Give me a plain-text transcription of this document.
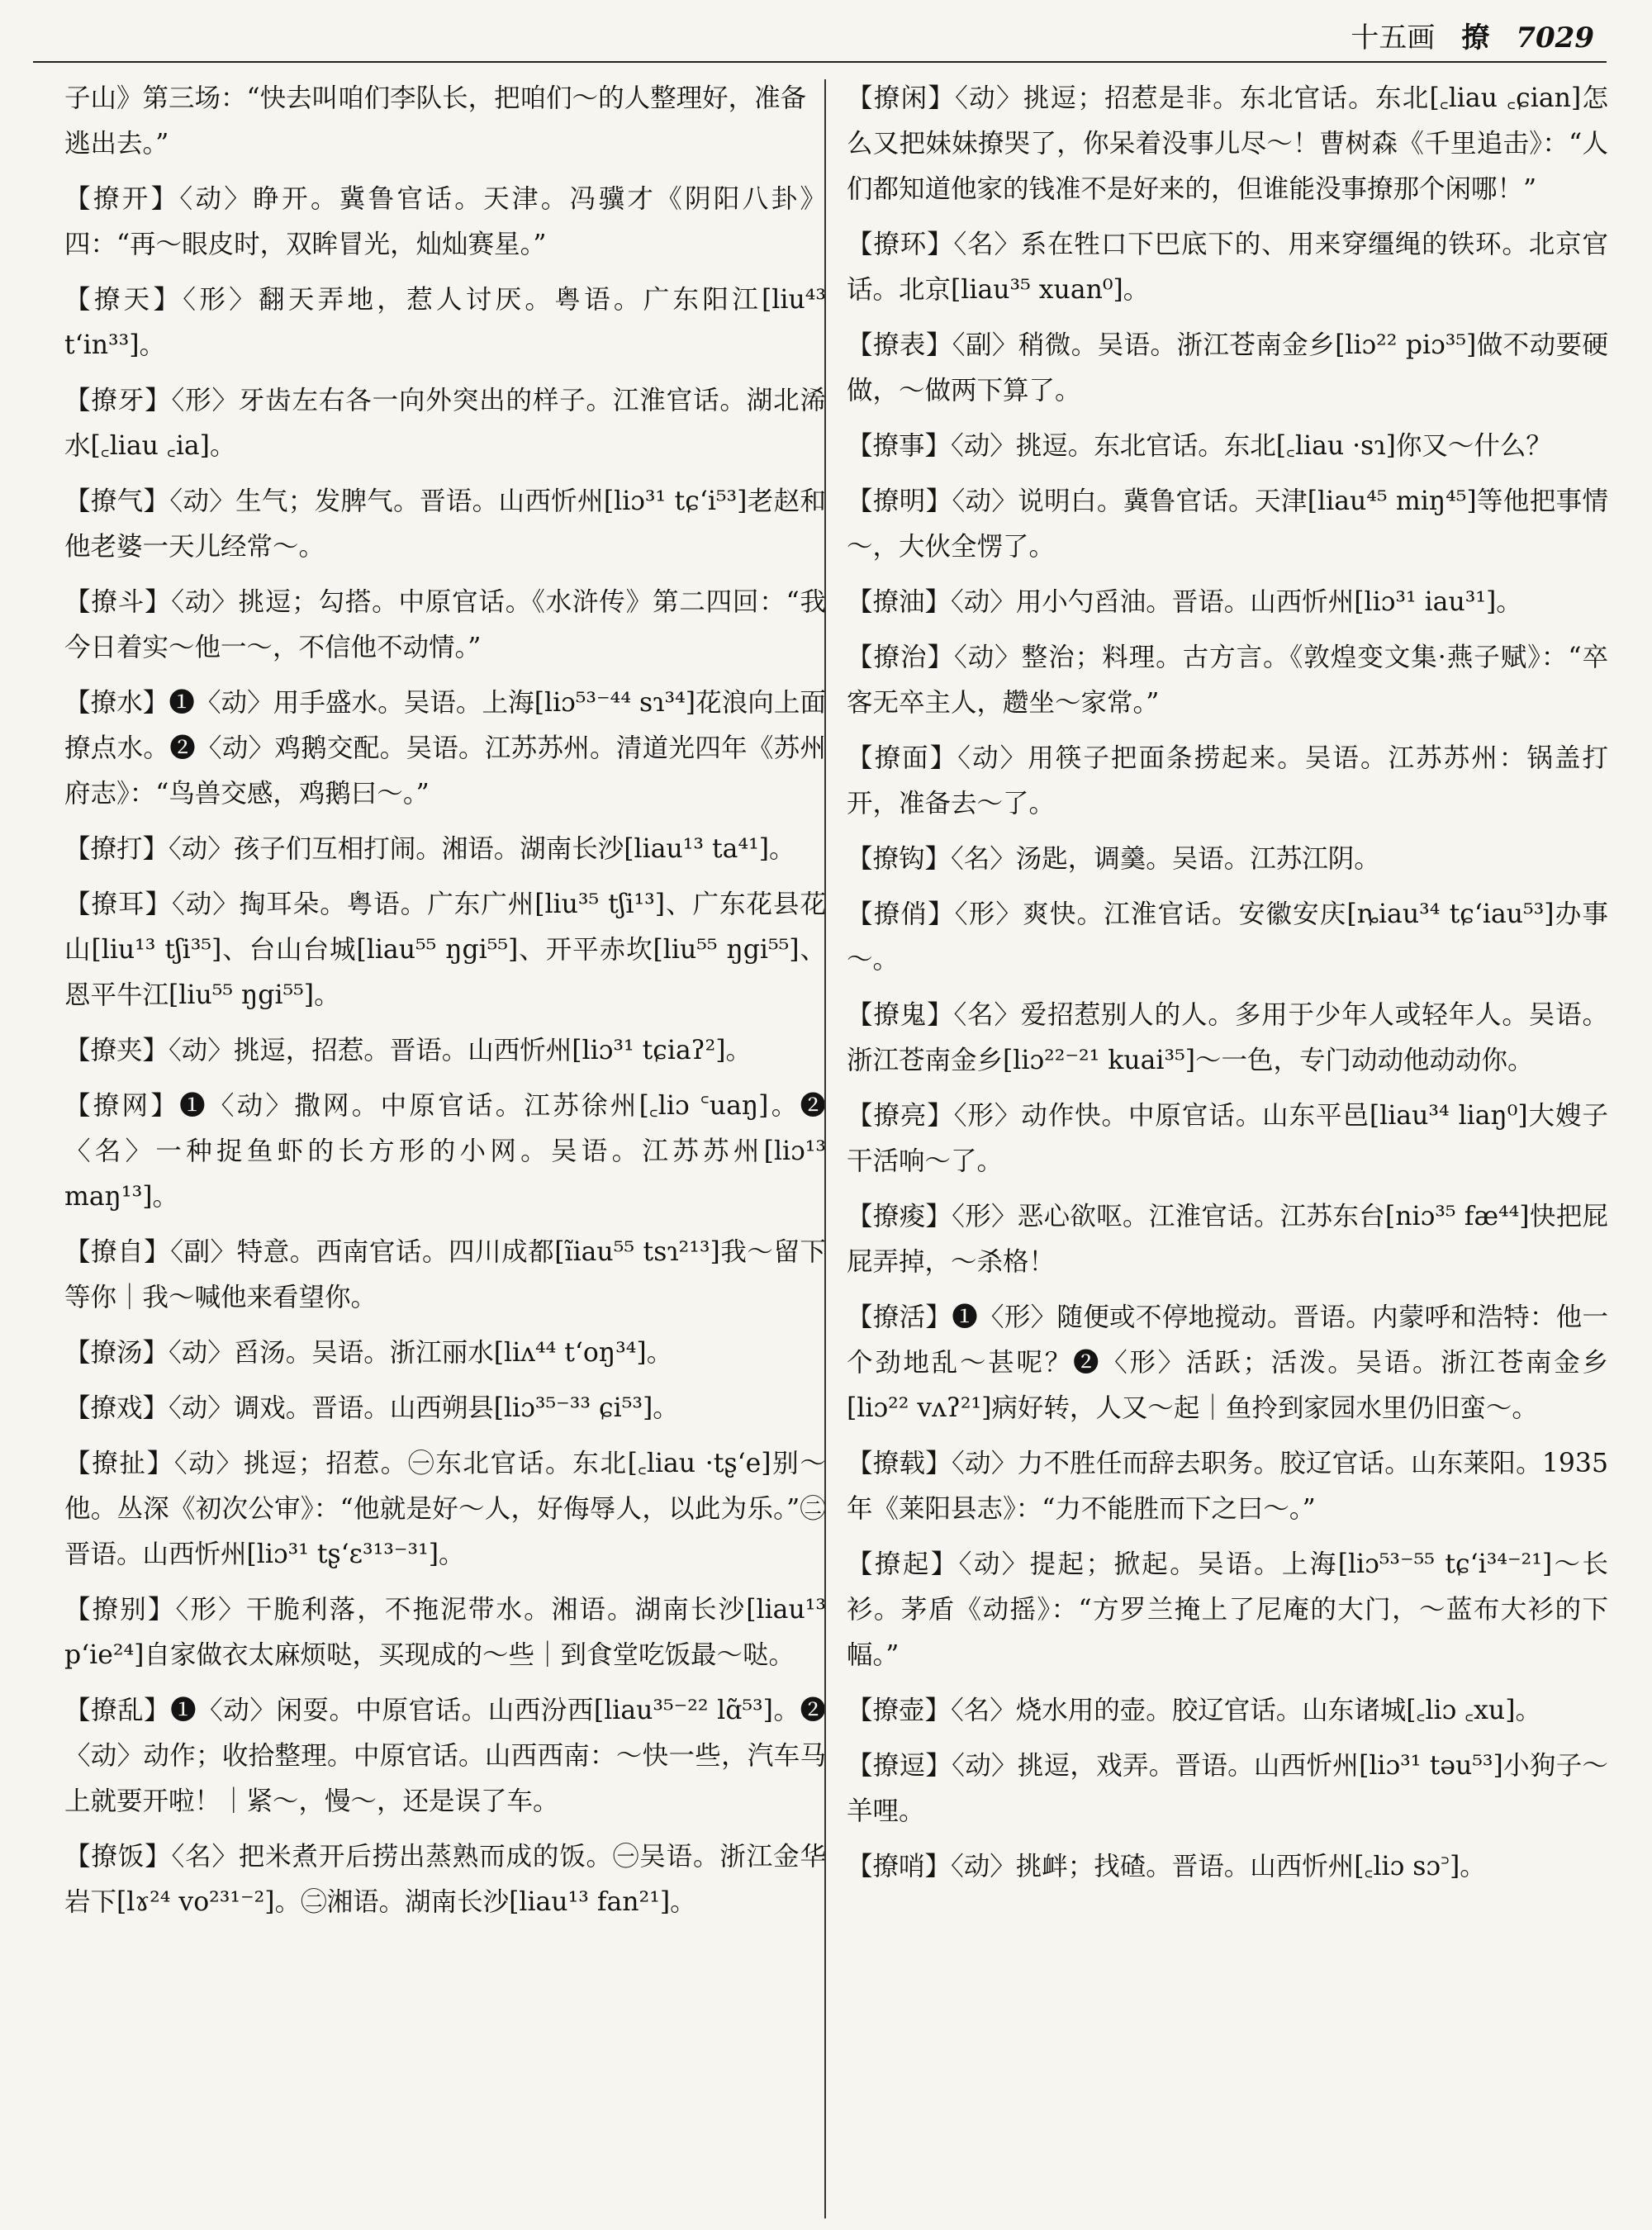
十五画 撩 7029

子山》第三场：“快去叫咱们李队长，把咱们～的人整理好，准备逃出去。”

【撩开】〈动〉睁开。冀鲁官话。天津。冯骥才《阴阳八卦》四：“再～眼皮时，双眸冒光，灿灿赛星。”

【撩天】〈形〉翻天弄地，惹人讨厌。粤语。广东阳江[liu⁴³ tʻin³³]。

【撩牙】〈形〉牙齿左右各一向外突出的样子。江淮官话。湖北浠水[꜀liau ꜀ia]。

【撩气】〈动〉生气；发脾气。晋语。山西忻州[liɔ³¹ tɕʻi⁵³]老赵和他老婆一天儿经常～。

【撩斗】〈动〉挑逗；勾搭。中原官话。《水浒传》第二四回：“我今日着实～他一～，不信他不动情。”

【撩水】❶〈动〉用手盛水。吴语。上海[liɔ⁵³⁻⁴⁴ sɿ³⁴]花浪向上面撩点水。❷〈动〉鸡鹅交配。吴语。江苏苏州。清道光四年《苏州府志》：“鸟兽交感，鸡鹅曰～。”

【撩打】〈动〉孩子们互相打闹。湘语。湖南长沙[liau¹³ ta⁴¹]。

【撩耳】〈动〉掏耳朵。粤语。广东广州[liu³⁵ tʃi¹³]、广东花县花山[liu¹³ tʃi³⁵]、台山台城[liau⁵⁵ ŋgi⁵⁵]、开平赤坎[liu⁵⁵ ŋgi⁵⁵]、恩平牛江[liu⁵⁵ ŋgi⁵⁵]。

【撩夹】〈动〉挑逗，招惹。晋语。山西忻州[liɔ³¹ tɕiaʔ²]。

【撩网】❶〈动〉撒网。中原官话。江苏徐州[꜀liɔ ꜂uaŋ]。❷〈名〉一种捉鱼虾的长方形的小网。吴语。江苏苏州[liɔ¹³ maŋ¹³]。

【撩自】〈副〉特意。西南官话。四川成都[ĩiau⁵⁵ tsɿ²¹³]我～留下等你｜我～喊他来看望你。

【撩汤】〈动〉舀汤。吴语。浙江丽水[liʌ⁴⁴ tʻoŋ³⁴]。

【撩戏】〈动〉调戏。晋语。山西朔县[liɔ³⁵⁻³³ ɕi⁵³]。

【撩扯】〈动〉挑逗；招惹。㊀东北官话。东北[꜀liau ·tʂʻe]别～他。丛深《初次公审》：“他就是好～人，好侮辱人，以此为乐。”㊁晋语。山西忻州[liɔ³¹ tʂʻɛ³¹³⁻³¹]。

【撩别】〈形〉干脆利落，不拖泥带水。湘语。湖南长沙[liau¹³ pʻie²⁴]自家做衣太麻烦哒，买现成的～些｜到食堂吃饭最～哒。

【撩乱】❶〈动〉闲耍。中原官话。山西汾西[liau³⁵⁻²² lɑ̃⁵³]。❷〈动〉动作；收拾整理。中原官话。山西西南：～快一些，汽车马上就要开啦！｜紧～，慢～，还是误了车。

【撩饭】〈名〉把米煮开后捞出蒸熟而成的饭。㊀吴语。浙江金华岩下[lɤ²⁴ vo²³¹⁻²]。㊁湘语。湖南长沙[liau¹³ fan²¹]。

【撩闲】〈动〉挑逗；招惹是非。东北官话。东北[꜀liau ꜀ɕian]怎么又把妹妹撩哭了，你呆着没事儿尽～！曹树森《千里追击》：“人们都知道他家的钱准不是好来的，但谁能没事撩那个闲哪！”

【撩环】〈名〉系在牲口下巴底下的、用来穿缰绳的铁环。北京官话。北京[liau³⁵ xuan⁰]。

【撩表】〈副〉稍微。吴语。浙江苍南金乡[liɔ²² piɔ³⁵]做不动要硬做，～做两下算了。

【撩事】〈动〉挑逗。东北官话。东北[꜀liau ·sɿ]你又～什么？

【撩明】〈动〉说明白。冀鲁官话。天津[liau⁴⁵ miŋ⁴⁵]等他把事情～，大伙全愣了。

【撩油】〈动〉用小勺舀油。晋语。山西忻州[liɔ³¹ iau³¹]。

【撩治】〈动〉整治；料理。古方言。《敦煌变文集·燕子赋》：“卒客无卒主人，趱坐～家常。”

【撩面】〈动〉用筷子把面条捞起来。吴语。江苏苏州：锅盖打开，准备去～了。

【撩钩】〈名〉汤匙，调羹。吴语。江苏江阴。

【撩俏】〈形〉爽快。江淮官话。安徽安庆[ȵiau³⁴ tɕʻiau⁵³]办事～。

【撩鬼】〈名〉爱招惹别人的人。多用于少年人或轻年人。吴语。浙江苍南金乡[liɔ²²⁻²¹ kuai³⁵]～一色，专门动动他动动你。

【撩亮】〈形〉动作快。中原官话。山东平邑[liau³⁴ liaŋ⁰]大嫂子干活响～了。

【撩痠】〈形〉恶心欲呕。江淮官话。江苏东台[niɔ³⁵ fæ⁴⁴]快把屁屁弄掉，～杀格！

【撩活】❶〈形〉随便或不停地搅动。晋语。内蒙呼和浩特：他一个劲地乱～甚呢？❷〈形〉活跃；活泼。吴语。浙江苍南金乡[liɔ²² vʌʔ²¹]病好转，人又～起｜鱼拎到家园水里仍旧蛮～。

【撩载】〈动〉力不胜任而辞去职务。胶辽官话。山东莱阳。1935年《莱阳县志》：“力不能胜而下之曰～。”

【撩起】〈动〉提起；掀起。吴语。上海[liɔ⁵³⁻⁵⁵ tɕʻi³⁴⁻²¹]～长衫。茅盾《动摇》：“方罗兰掩上了尼庵的大门，～蓝布大衫的下幅。”

【撩壶】〈名〉烧水用的壶。胶辽官话。山东诸城[꜀liɔ ꜀xu]。

【撩逗】〈动〉挑逗，戏弄。晋语。山西忻州[liɔ³¹ təu⁵³]小狗子～羊哩。

【撩哨】〈动〉挑衅；找碴。晋语。山西忻州[꜀liɔ sɔ꜄]。
